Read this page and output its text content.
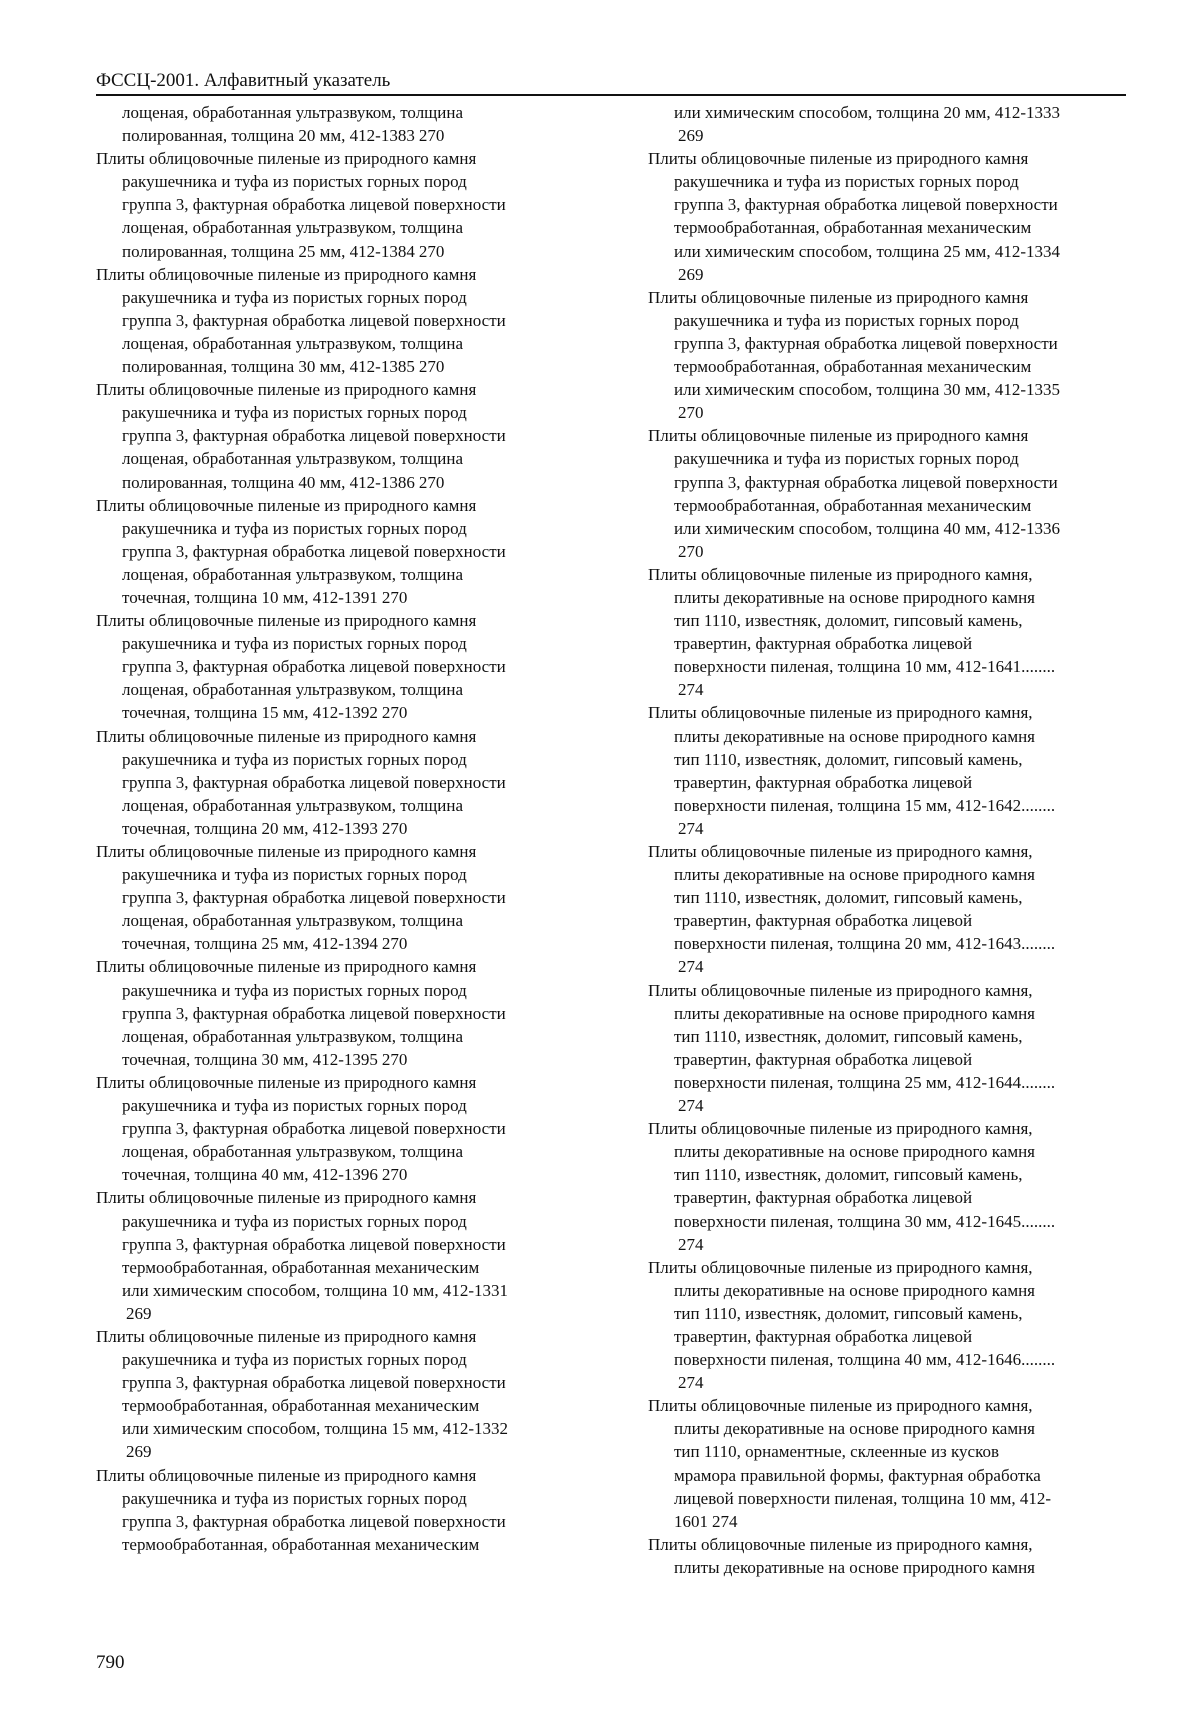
ФССЦ-2001. Алфавитный указатель
лощеная, обработанная ультразвуком, толщина
полированная, толщина 20 мм, 412-1383 270
Плиты облицовочные пиленые из природного камня
ракушечника и туфа из пористых горных пород
группа 3, фактурная обработка лицевой поверхности
лощеная, обработанная ультразвуком, толщина
полированная, толщина 25 мм, 412-1384 270
Плиты облицовочные пиленые из природного камня
ракушечника и туфа из пористых горных пород
группа 3, фактурная обработка лицевой поверхности
лощеная, обработанная ультразвуком, толщина
полированная, толщина 30 мм, 412-1385 270
Плиты облицовочные пиленые из природного камня
ракушечника и туфа из пористых горных пород
группа 3, фактурная обработка лицевой поверхности
лощеная, обработанная ультразвуком, толщина
полированная, толщина 40 мм, 412-1386 270
Плиты облицовочные пиленые из природного камня
ракушечника и туфа из пористых горных пород
группа 3, фактурная обработка лицевой поверхности
лощеная, обработанная ультразвуком, толщина
точечная, толщина 10 мм, 412-1391 270
Плиты облицовочные пиленые из природного камня
ракушечника и туфа из пористых горных пород
группа 3, фактурная обработка лицевой поверхности
лощеная, обработанная ультразвуком, толщина
точечная, толщина 15 мм, 412-1392 270
Плиты облицовочные пиленые из природного камня
ракушечника и туфа из пористых горных пород
группа 3, фактурная обработка лицевой поверхности
лощеная, обработанная ультразвуком, толщина
точечная, толщина 20 мм, 412-1393 270
Плиты облицовочные пиленые из природного камня
ракушечника и туфа из пористых горных пород
группа 3, фактурная обработка лицевой поверхности
лощеная, обработанная ультразвуком, толщина
точечная, толщина 25 мм, 412-1394 270
Плиты облицовочные пиленые из природного камня
ракушечника и туфа из пористых горных пород
группа 3, фактурная обработка лицевой поверхности
лощеная, обработанная ультразвуком, толщина
точечная, толщина 30 мм, 412-1395 270
Плиты облицовочные пиленые из природного камня
ракушечника и туфа из пористых горных пород
группа 3, фактурная обработка лицевой поверхности
лощеная, обработанная ультразвуком, толщина
точечная, толщина 40 мм, 412-1396 270
Плиты облицовочные пиленые из природного камня
ракушечника и туфа из пористых горных пород
группа 3, фактурная обработка лицевой поверхности
термообработанная, обработанная механическим
или химическим способом, толщина 10 мм, 412-1331
269
Плиты облицовочные пиленые из природного камня
ракушечника и туфа из пористых горных пород
группа 3, фактурная обработка лицевой поверхности
термообработанная, обработанная механическим
или химическим способом, толщина 15 мм, 412-1332
269
Плиты облицовочные пиленые из природного камня
ракушечника и туфа из пористых горных пород
группа 3, фактурная обработка лицевой поверхности
термообработанная, обработанная механическим
или химическим способом, толщина 20 мм, 412-1333
269
Плиты облицовочные пиленые из природного камня
ракушечника и туфа из пористых горных пород
группа 3, фактурная обработка лицевой поверхности
термообработанная, обработанная механическим
или химическим способом, толщина 25 мм, 412-1334
269
Плиты облицовочные пиленые из природного камня
ракушечника и туфа из пористых горных пород
группа 3, фактурная обработка лицевой поверхности
термообработанная, обработанная механическим
или химическим способом, толщина 30 мм, 412-1335
270
Плиты облицовочные пиленые из природного камня
ракушечника и туфа из пористых горных пород
группа 3, фактурная обработка лицевой поверхности
термообработанная, обработанная механическим
или химическим способом, толщина 40 мм, 412-1336
270
Плиты облицовочные пиленые из природного камня,
плиты декоративные на основе природного камня
тип 1110, известняк, доломит, гипсовый камень,
травертин, фактурная обработка лицевой
поверхности пиленая, толщина 10 мм, 412-1641........
274
Плиты облицовочные пиленые из природного камня,
плиты декоративные на основе природного камня
тип 1110, известняк, доломит, гипсовый камень,
травертин, фактурная обработка лицевой
поверхности пиленая, толщина 15 мм, 412-1642........
274
Плиты облицовочные пиленые из природного камня,
плиты декоративные на основе природного камня
тип 1110, известняк, доломит, гипсовый камень,
травертин, фактурная обработка лицевой
поверхности пиленая, толщина 20 мм, 412-1643........
274
Плиты облицовочные пиленые из природного камня,
плиты декоративные на основе природного камня
тип 1110, известняк, доломит, гипсовый камень,
травертин, фактурная обработка лицевой
поверхности пиленая, толщина 25 мм, 412-1644........
274
Плиты облицовочные пиленые из природного камня,
плиты декоративные на основе природного камня
тип 1110, известняк, доломит, гипсовый камень,
травертин, фактурная обработка лицевой
поверхности пиленая, толщина 30 мм, 412-1645........
274
Плиты облицовочные пиленые из природного камня,
плиты декоративные на основе природного камня
тип 1110, известняк, доломит, гипсовый камень,
травертин, фактурная обработка лицевой
поверхности пиленая, толщина 40 мм, 412-1646........
274
Плиты облицовочные пиленые из природного камня,
плиты декоративные на основе природного камня
тип 1110, орнаментные, склеенные из кусков
мрамора правильной формы, фактурная обработка
лицевой поверхности пиленая, толщина 10 мм, 412-
1601 274
Плиты облицовочные пиленые из природного камня,
плиты декоративные на основе природного камня
790
